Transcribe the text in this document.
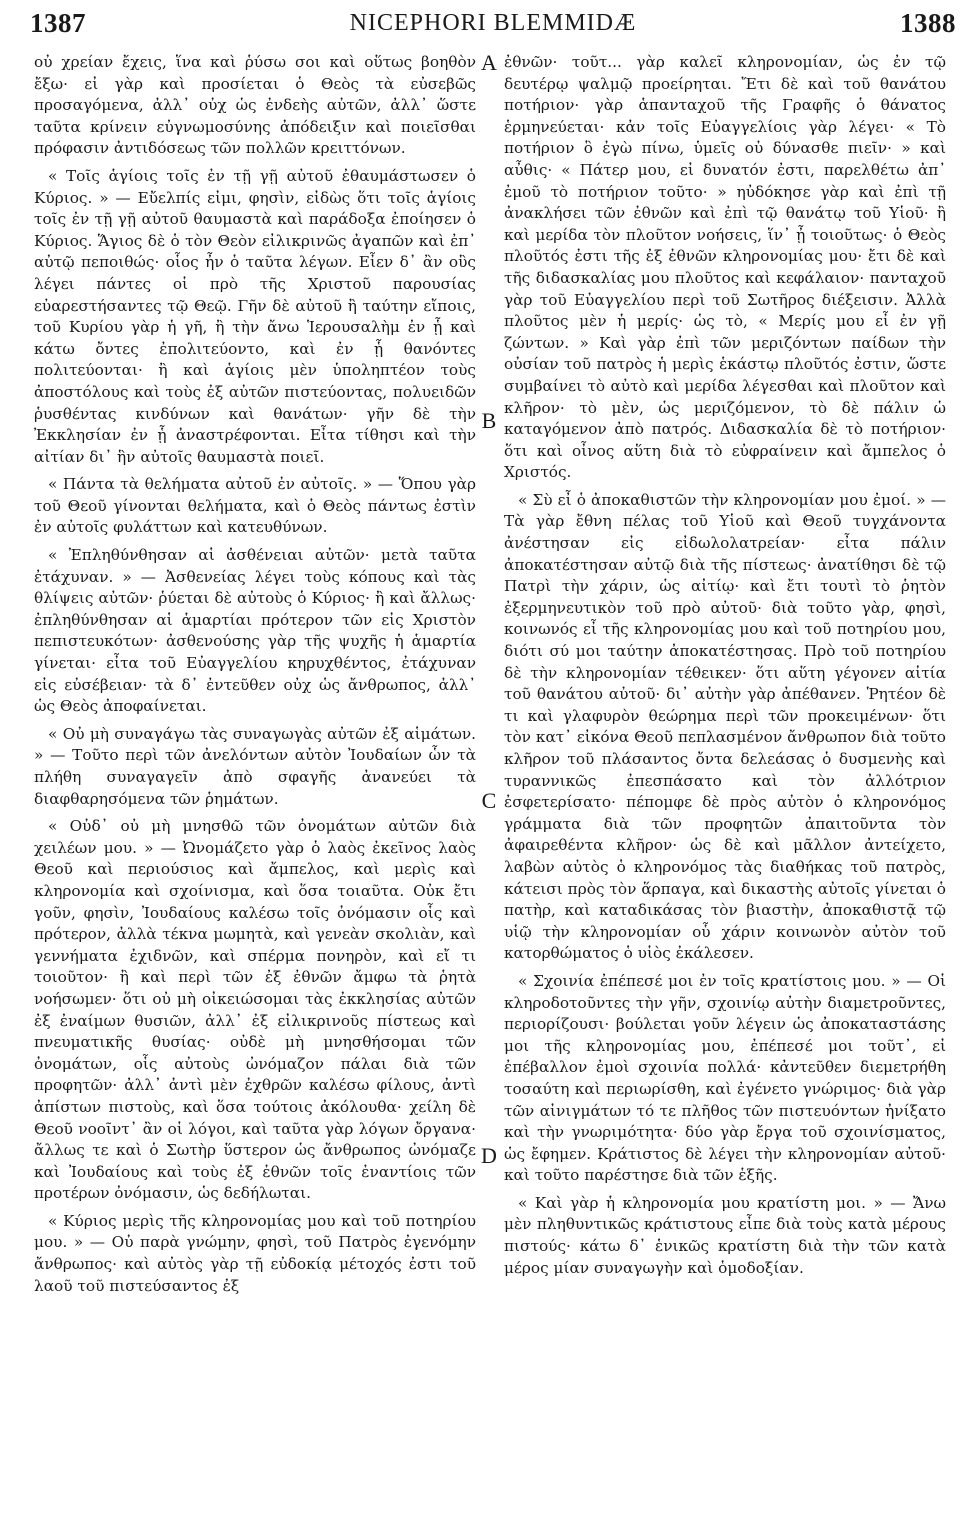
1387	NICEPHORI BLEMMIDÆ	1388
A
B
C
D

οὐ χρείαν ἔχεις, ἵνα καὶ ῥύσω σοι καὶ οὕτως βοηθὸν ἔξω· εἰ γὰρ καὶ προσίεται ὁ Θεὸς τὰ εὐσεβῶς προσαγόμενα, ἀλλ᾿ οὐχ ὡς ἐνδεὴς αὐτῶν, ἀλλ᾿ ὥστε ταῦτα κρίνειν εὐγνωμοσύνης ἀπόδειξιν καὶ ποιεῖσθαι πρόφασιν ἀντιδόσεως τῶν πολλῶν κρειττόνων.

« Τοῖς ἁγίοις τοῖς ἐν τῇ γῇ αὐτοῦ ἐθαυμάστωσεν ὁ Κύριος. » — Εὔελπίς εἰμι, φησὶν, εἰδὼς ὅτι τοῖς ἁγίοις τοῖς ἐν τῇ γῇ αὐτοῦ θαυμαστὰ καὶ παράδοξα ἐποίησεν ὁ Κύριος. Ἅγιος δὲ ὁ τὸν Θεὸν εἰλικρινῶς ἀγαπῶν καὶ ἐπ᾿ αὐτῷ πεποιθώς· οἷος ἦν ὁ ταῦτα λέγων. Εἶεν δ᾿ ἂν οὓς λέγει πάντες οἱ πρὸ τῆς Χριστοῦ παρουσίας εὐαρεστήσαντες τῷ Θεῷ. Γῆν δὲ αὐτοῦ ἢ ταύτην εἴποις, τοῦ Κυρίου γὰρ ἡ γῆ, ἢ τὴν ἄνω Ἱερουσαλὴμ ἐν ᾗ καὶ κάτω ὄντες ἐπολιτεύοντο, καὶ ἐν ᾗ θανόντες πολιτεύονται· ἢ καὶ ἁγίοις μὲν ὑποληπτέον τοὺς ἀποστόλους καὶ τοὺς ἐξ αὐτῶν πιστεύοντας, πολυειδῶν ῥυσθέντας κινδύνων καὶ θανάτων· γῆν δὲ τὴν Ἐκκλησίαν ἐν ᾗ ἀναστρέφονται. Εἶτα τίθησι καὶ τὴν αἰτίαν δι᾿ ἣν αὐτοῖς θαυμαστὰ ποιεῖ.

« Πάντα τὰ θελήματα αὐτοῦ ἐν αὐτοῖς. » — Ὅπου γὰρ τοῦ Θεοῦ γίνονται θελήματα, καὶ ὁ Θεὸς πάντως ἐστὶν ἐν αὐτοῖς φυλάττων καὶ κατευθύνων.

« Ἐπληθύνθησαν αἱ ἀσθένειαι αὐτῶν· μετὰ ταῦτα ἐτάχυναν. » — Ἀσθενείας λέγει τοὺς κόπους καὶ τὰς θλίψεις αὐτῶν· ῥύεται δὲ αὐτοὺς ὁ Κύριος· ἢ καὶ ἄλλως· ἐπληθύνθησαν αἱ ἁμαρτίαι πρότερον τῶν εἰς Χριστὸν πεπιστευκότων· ἀσθενούσης γὰρ τῆς ψυχῆς ἡ ἁμαρτία γίνεται· εἶτα τοῦ Εὐαγγελίου κηρυχθέντος, ἐτάχυναν εἰς εὐσέβειαν· τὰ δ᾿ ἐντεῦθεν οὐχ ὡς ἄνθρωπος, ἀλλ᾿ ὡς Θεὸς ἀποφαίνεται.

« Οὐ μὴ συναγάγω τὰς συναγωγὰς αὐτῶν ἐξ αἱμάτων. » — Τοῦτο περὶ τῶν ἀνελόντων αὐτὸν Ἰουδαίων ὧν τὰ πλήθη συναγαγεῖν ἀπὸ σφαγῆς ἀνανεύει τὰ διαφθαρησόμενα τῶν ῥημάτων.

« Οὐδ᾿ οὐ μὴ μνησθῶ τῶν ὀνομάτων αὐτῶν διὰ χειλέων μου. » — Ὠνομάζετο γὰρ ὁ λαὸς ἐκεῖνος λαὸς Θεοῦ καὶ περιούσιος καὶ ἄμπελος, καὶ μερὶς καὶ κληρονομία καὶ σχοίνισμα, καὶ ὅσα τοιαῦτα. Οὐκ ἔτι γοῦν, φησὶν, Ἰουδαίους καλέσω τοῖς ὀνόμασιν οἷς καὶ πρότερον, ἀλλὰ τέκνα μωμητὰ, καὶ γενεὰν σκολιὰν, καὶ γεννήματα ἐχιδνῶν, καὶ σπέρμα πονηρὸν, καὶ εἴ τι τοιοῦτον· ἢ καὶ περὶ τῶν ἐξ ἐθνῶν ἄμφω τὰ ῥητὰ νοήσωμεν· ὅτι οὐ μὴ οἰκειώσομαι τὰς ἐκκλησίας αὐτῶν ἐξ ἐναίμων θυσιῶν, ἀλλ᾿ ἐξ εἰλικρινοῦς πίστεως καὶ πνευματικῆς θυσίας· οὐδὲ μὴ μνησθήσομαι τῶν ὀνομάτων, οἷς αὐτοὺς ὠνόμαζον πάλαι διὰ τῶν προφητῶν· ἀλλ᾿ ἀντὶ μὲν ἐχθρῶν καλέσω φίλους, ἀντὶ ἀπίστων πιστοὺς, καὶ ὅσα τούτοις ἀκόλουθα· χείλη δὲ Θεοῦ νοοῖντ᾿ ἂν οἱ λόγοι, καὶ ταῦτα γὰρ λόγων ὄργανα· ἄλλως τε καὶ ὁ Σωτὴρ ὕστερον ὡς ἄνθρωπος ὠνόμαζε καὶ Ἰουδαίους καὶ τοὺς ἐξ ἐθνῶν τοῖς ἐναντίοις τῶν προτέρων ὀνόμασιν, ὡς δεδήλωται.

« Κύριος μερὶς τῆς κληρονομίας μου καὶ τοῦ ποτηρίου μου. » — Οὐ παρὰ γνώμην, φησὶ, τοῦ Πατρὸς ἐγενόμην ἄνθρωπος· καὶ αὐτὸς γὰρ τῇ εὐδοκίᾳ μέτοχός ἐστι τοῦ λαοῦ τοῦ πιστεύσαντος ἐξ

ἐθνῶν· τοῦτ... γὰρ καλεῖ κληρονομίαν, ὡς ἐν τῷ δευτέρῳ ψαλμῷ προείρηται. Ἔτι δὲ καὶ τοῦ θανάτου ποτήριον· γὰρ ἁπανταχοῦ τῆς Γραφῆς ὁ θάνατος ἑρμηνεύεται· κἀν τοῖς Εὐαγγελίοις γὰρ λέγει· « Τὸ ποτήριον ὃ ἐγὼ πίνω, ὑμεῖς οὐ δύνασθε πιεῖν· » καὶ αὖθις· « Πάτερ μου, εἰ δυνατόν ἐστι, παρελθέτω ἀπ᾿ ἐμοῦ τὸ ποτήριον τοῦτο· » ηὐδόκησε γὰρ καὶ ἐπὶ τῇ ἀνακλήσει τῶν ἐθνῶν καὶ ἐπὶ τῷ θανάτῳ τοῦ Υἱοῦ· ἢ καὶ μερίδα τὸν πλοῦτον νοήσεις, ἵν᾿ ᾖ τοιοῦτως· ὁ Θεὸς πλοῦτός ἐστι τῆς ἐξ ἐθνῶν κληρονομίας μου· ἔτι δὲ καὶ τῆς διδασκαλίας μου πλοῦτος καὶ κεφάλαιον· πανταχοῦ γὰρ τοῦ Εὐαγγελίου περὶ τοῦ Σωτῆρος διέξεισιν. Ἀλλὰ πλοῦτος μὲν ἡ μερίς· ὡς τὸ, « Μερίς μου εἶ ἐν γῇ ζώντων. » Καὶ γὰρ ἐπὶ τῶν μεριζόντων παίδων τὴν οὐσίαν τοῦ πατρὸς ἡ μερὶς ἑκάστῳ πλοῦτός ἐστιν, ὥστε συμβαίνει τὸ αὐτὸ καὶ μερίδα λέγεσθαι καὶ πλοῦτον καὶ κλῆρον· τὸ μὲν, ὡς μεριζόμενον, τὸ δὲ πάλιν ὡ καταγόμενον ἀπὸ πατρός. Διδασκαλία δὲ τὸ ποτήριον· ὅτι καὶ οἶνος αὕτη διὰ τὸ εὐφραίνειν καὶ ἄμπελος ὁ Χριστός.

« Σὺ εἶ ὁ ἀποκαθιστῶν τὴν κληρονομίαν μου ἐμοί. » — Τὰ γὰρ ἔθνη πέλας τοῦ Υἱοῦ καὶ Θεοῦ τυγχάνοντα ἀνέστησαν εἰς εἰδωλολατρείαν· εἶτα πάλιν ἀποκατέστησαν αὐτῷ διὰ τῆς πίστεως· ἀνατίθησι δὲ τῷ Πατρὶ τὴν χάριν, ὡς αἰτίῳ· καὶ ἔτι τουτὶ τὸ ῥητὸν ἐξερμηνευτικὸν τοῦ πρὸ αὐτοῦ· διὰ τοῦτο γὰρ, φησὶ, κοινωνός εἶ τῆς κληρονομίας μου καὶ τοῦ ποτηρίου μου, διότι σύ μοι ταύτην ἀποκατέστησας. Πρὸ τοῦ ποτηρίου δὲ τὴν κληρονομίαν τέθεικεν· ὅτι αὕτη γέγονεν αἰτία τοῦ θανάτου αὐτοῦ· δι᾿ αὐτὴν γὰρ ἀπέθανεν. Ῥητέον δὲ τι καὶ γλαφυρὸν θεώρημα περὶ τῶν προκειμένων· ὅτι τὸν κατ᾿ εἰκόνα Θεοῦ πεπλασμένον ἄνθρωπον διὰ τοῦτο κλῆρον τοῦ πλάσαντος ὄντα δελεάσας ὁ δυσμενὴς καὶ τυραννικῶς ἐπεσπάσατο καὶ τὸν ἀλλότριον ἐσφετερίσατο· πέπομφε δὲ πρὸς αὐτὸν ὁ κληρονόμος γράμματα διὰ τῶν προφητῶν ἀπαιτοῦντα τὸν ἀφαιρεθέντα κλῆρον· ὡς δὲ καὶ μᾶλλον ἀντείχετο, λαβὼν αὐτὸς ὁ κληρονόμος τὰς διαθήκας τοῦ πατρὸς, κάτεισι πρὸς τὸν ἅρπαγα, καὶ δικαστὴς αὐτοῖς γίνεται ὁ πατὴρ, καὶ καταδικάσας τὸν βιαστὴν, ἀποκαθιστᾷ τῷ υἱῷ τὴν κληρονομίαν οὗ χάριν κοινωνὸν αὐτὸν τοῦ κατορθώματος ὁ υἱὸς ἐκάλεσεν.

« Σχοινία ἐπέπεσέ μοι ἐν τοῖς κρατίστοις μου. » — Οἱ κληροδοτοῦντες τὴν γῆν, σχοινίῳ αὐτὴν διαμετροῦντες, περιορίζουσι· βούλεται γοῦν λέγειν ὡς ἀποκαταστάσης μοι τῆς κληρονομίας μου, ἐπέπεσέ μοι τοῦτ᾿, εἰ ἐπέβαλλον ἐμοὶ σχοινία πολλά· κἀντεῦθεν διεμετρήθη τοσαύτη καὶ περιωρίσθη, καὶ ἐγένετο γνώριμος· διὰ γὰρ τῶν αἰνιγμάτων τό τε πλῆθος τῶν πιστευόντων ἠνίξατο καὶ τὴν γνωριμότητα· δύο γὰρ ἔργα τοῦ σχοινίσματος, ὡς ἔφημεν. Κράτιστος δὲ λέγει τὴν κληρονομίαν αὐτοῦ· καὶ τοῦτο παρέστησε διὰ τῶν ἑξῆς.

« Καὶ γὰρ ἡ κληρονομία μου κρατίστη μοι. » — Ἄνω μὲν πληθυντικῶς κράτιστους εἶπε διὰ τοὺς κατὰ μέρους πιστούς· κάτω δ᾿ ἑνικῶς κρατίστη διὰ τὴν τῶν κατὰ μέρος μίαν συναγωγὴν καὶ ὁμοδοξίαν.
